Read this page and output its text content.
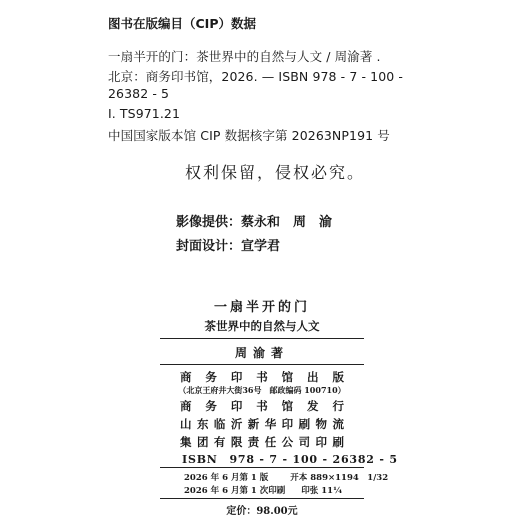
图书在版编目（CIP）数据
一扇半开的门：茶世界中的自然与人文 / 周渝著 .
北京：商务印书馆，2026. — ISBN 978 - 7 - 100 -
26382 - 5
Ⅰ. TS971.21
中国国家版本馆 CIP 数据核字第 20263NP191 号
权利保留，侵权必究。
影像提供：蔡永和　周　渝
封面设计：宣学君
一扇半开的门
茶世界中的自然与人文
周渝著
商 务 印 书 馆 出 版
（北京王府井大街36号　邮政编码 100710）
商 务 印 书 馆 发 行
山 东 临 沂 新 华 印 刷 物 流
集 团 有 限 责 任 公 司 印 刷
ISBN　978 - 7 - 100 - 26382 - 5
2026 年 6 月第 1 版	开本 889×1194　1/32
2026 年 6 月第 1 次印刷 印张 11¼
定价：98.00元
